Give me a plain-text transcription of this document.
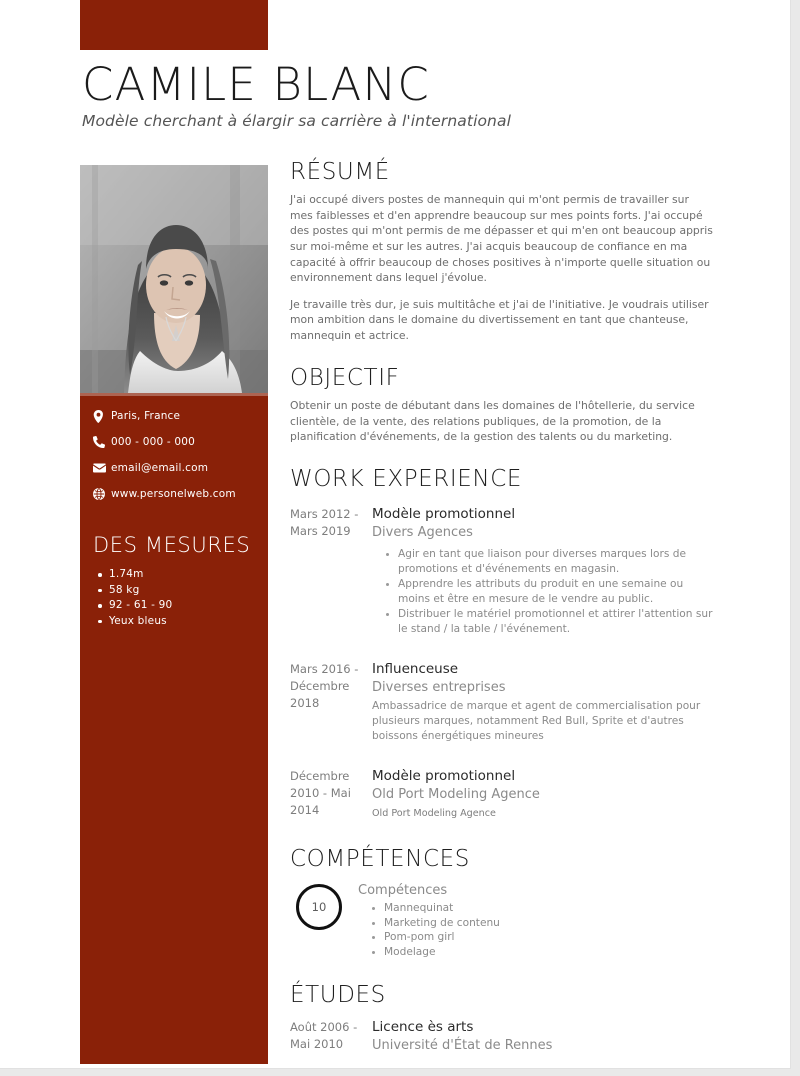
CAMILE BLANC
Modèle cherchant à élargir sa carrière à l'international
Paris, France
000 - 000 - 000
email@email.com
www.personelweb.com
DES MESURES
1.74m
58 kg
92 - 61 - 90
Yeux bleus
RÉSUMÉ
J'ai occupé divers postes de mannequin qui m'ont permis de travailler sur mes faiblesses et d'en apprendre beaucoup sur mes points forts. J'ai occupé des postes qui m'ont permis de me dépasser et qui m'en ont beaucoup appris sur moi-même et sur les autres. J'ai acquis beaucoup de confiance en ma capacité à offrir beaucoup de choses positives à n'importe quelle situation ou environnement dans lequel j'évolue.
Je travaille très dur, je suis multitâche et j'ai de l'initiative. Je voudrais utiliser mon ambition dans le domaine du divertissement en tant que chanteuse, mannequin et actrice.
OBJECTIF
Obtenir un poste de débutant dans les domaines de l'hôtellerie, du service clientèle, de la vente, des relations publiques, de la promotion, de la planification d'événements, de la gestion des talents ou du marketing.
WORK EXPERIENCE
Mars 2012 - Mars 2019
Modèle promotionnel
Divers Agences
Agir en tant que liaison pour diverses marques lors de promotions et d'événements en magasin.
Apprendre les attributs du produit en une semaine ou moins et être en mesure de le vendre au public.
Distribuer le matériel promotionnel et attirer l'attention sur le stand / la table / l'événement.
Mars 2016 - Décembre 2018
Influenceuse
Diverses entreprises
Ambassadrice de marque et agent de commercialisation pour plusieurs marques, notamment Red Bull, Sprite et d'autres boissons énergétiques mineures
Décembre 2010 - Mai 2014
Modèle promotionnel
Old Port Modeling Agence
Old Port Modeling Agence
COMPÉTENCES
10
Compétences
Mannequinat
Marketing de contenu
Pom-pom girl
Modelage
ÉTUDES
Août 2006 - Mai 2010
Licence ès arts
Université d'État de Rennes
